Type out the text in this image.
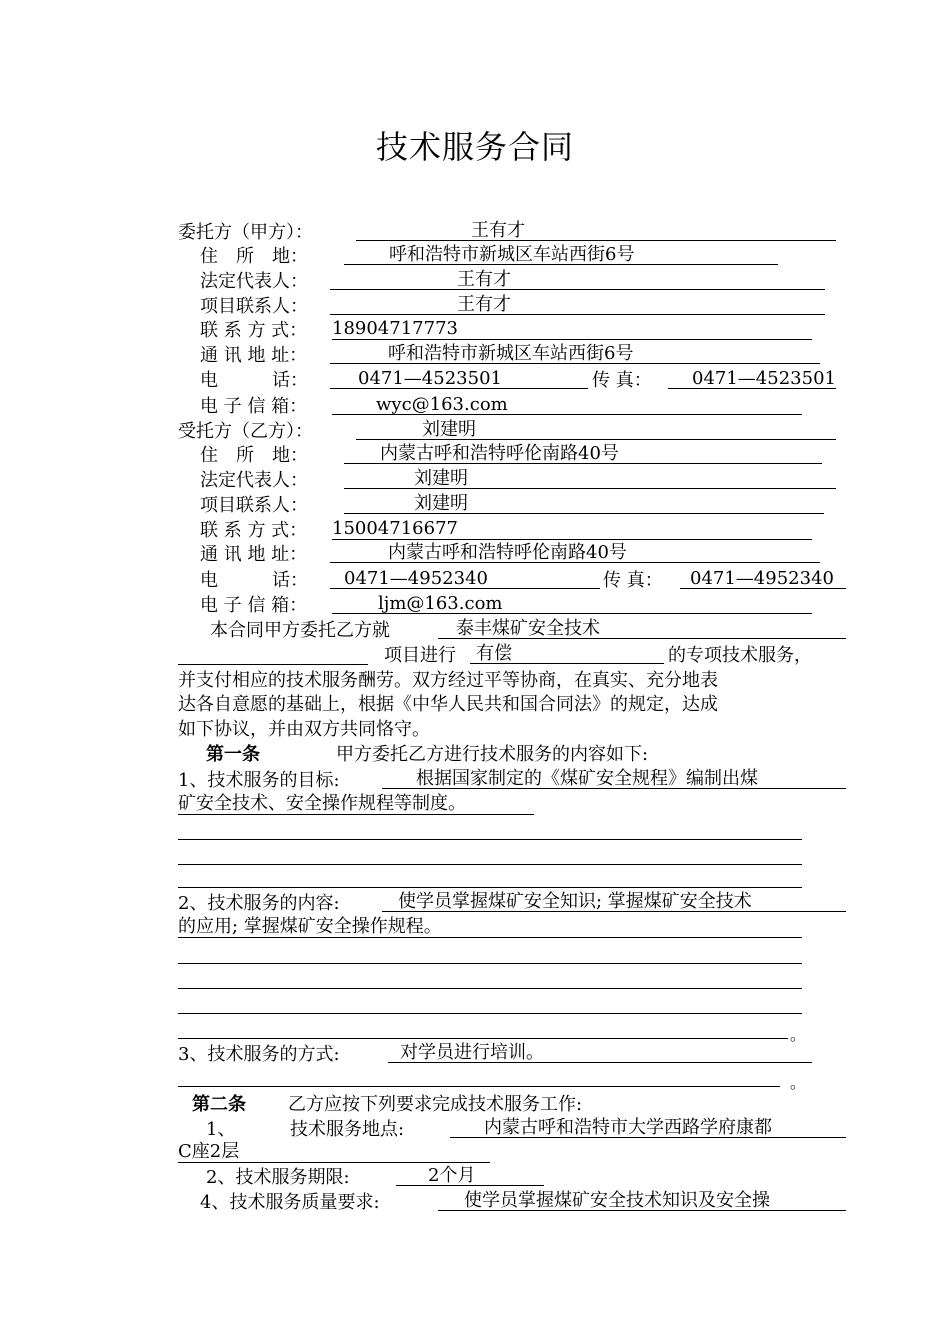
技术服务合同
委托方（甲方）：	王有才
住　所　地：	呼和浩特市新城区车站西街6号
法定代表人：	王有才
项目联系人：	王有才
联 系 方 式： 18904717773
通 讯 地 址：	呼和浩特市新城区车站西街6号
电　　　话：	0471—4523501	传 真：	0471—4523501
电 子 信 箱：	wyc@163.com
受托方（乙方）：	刘建明
住　所　地：	内蒙古呼和浩特呼伦南路40号
法定代表人：	刘建明
项目联系人：	刘建明
联 系 方 式： 15004716677
通 讯 地 址：	内蒙古呼和浩特呼伦南路40号
电　　　话：	0471—4952340	传 真：	0471—4952340
电 子 信 箱：	ljm@163.com
本合同甲方委托乙方就	泰丰煤矿安全技术
项目进行	有偿	的专项技术服务，
并支付相应的技术服务酬劳。双方经过平等协商，在真实、充分地表
达各自意愿的基础上，根据《中华人民共和国合同法》的规定，达成
如下协议，并由双方共同恪守。
第一条	甲方委托乙方进行技术服务的内容如下:
1、技术服务的目标:	根据国家制定的《煤矿安全规程》编制出煤
矿安全技术、安全操作规程等制度。
2、技术服务的内容:	使学员掌握煤矿安全知识; 掌握煤矿安全技术
的应用; 掌握煤矿安全操作规程。
。
3、技术服务的方式:	对学员进行培训。
。
第二条 乙方应按下列要求完成技术服务工作:
1、	技术服务地点:	内蒙古呼和浩特市大学西路学府康都
C座2层
2、技术服务期限:	2个月
4、技术服务质量要求:	使学员掌握煤矿安全技术知识及安全操
